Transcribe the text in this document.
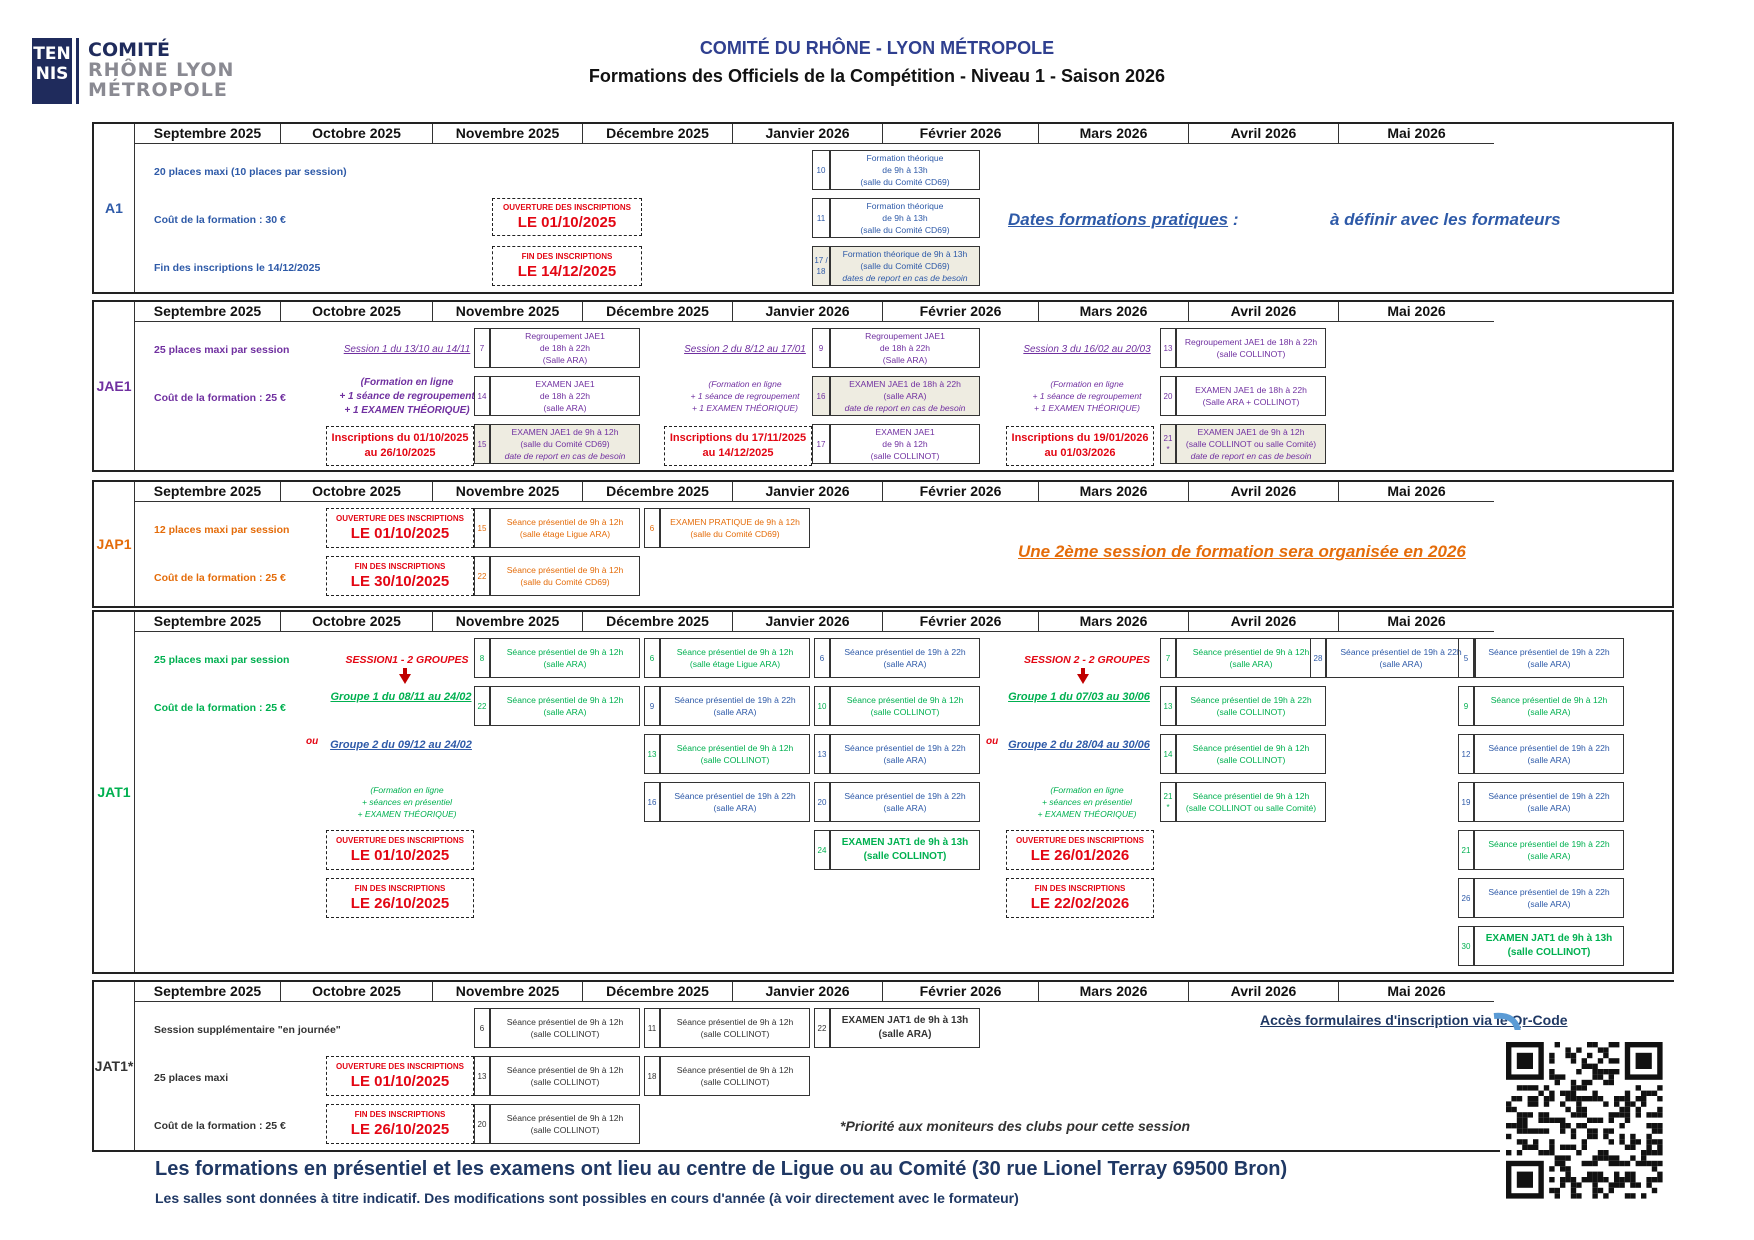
TEN
NIS
COMITÉ
RHÔNE LYON
MÉTROPOLE
COMITÉ DU RHÔNE - LYON MÉTROPOLE
Formations des Officiels de la Compétition - Niveau 1 - Saison 2026
A1
20 places maxi (10 places par session)
Coût de la formation : 30 €
Fin des inscriptions le 14/12/2025
OUVERTURE DES INSCRIPTIONS
LE 01/10/2025
FIN DES INSCRIPTIONS
LE 14/12/2025
10
Formation théorique
de 9h à 13h
(salle du Comité CD69)
11
Formation théorique
de 9h à 13h
(salle du Comité CD69)
17 / 18
Formation théorique de 9h à 13h
(salle du Comité CD69)
dates de report en cas de besoin
Dates formations pratiques :	à définir avec les formateurs
Septembre 2025	Octobre 2025	Novembre 2025	Décembre 2025	Janvier 2026	Février 2026	Mars 2026	Avril 2026	Mai 2026
JAE1
25 places maxi par session
Coût de la formation : 25 €
Session 1 du 13/10 au 14/11	Session 2 du 8/12 au 17/01	Session 3 du 16/02 au 20/03
(Formation en ligne
+ 1 séance de regroupement
+ 1 EXAMEN THÉORIQUE)
(Formation en ligne
+ 1 séance de regroupement
+ 1 EXAMEN THÉORIQUE)
(Formation en ligne
+ 1 séance de regroupement
+ 1 EXAMEN THÉORIQUE)
Inscriptions du 01/10/2025
au 26/10/2025
Inscriptions du 17/11/2025
au 14/12/2025
Inscriptions du 19/01/2026
au 01/03/2026
7
Regroupement JAE1
de 18h à 22h
(Salle ARA)
14
EXAMEN JAE1
de 18h à 22h
(salle ARA)
15
EXAMEN JAE1 de 9h à 12h
(salle du Comité CD69)
date de report en cas de besoin
9
Regroupement JAE1
de 18h à 22h
(Salle ARA)
16
EXAMEN JAE1 de 18h à 22h
(salle ARA)
date de report en cas de besoin
17
EXAMEN JAE1
de 9h à 12h
(salle COLLINOT)
13
Regroupement JAE1 de 18h à 22h
(salle COLLINOT)
20
EXAMEN JAE1 de 18h à 22h
(Salle ARA + COLLINOT)
21 *
EXAMEN JAE1 de 9h à 12h
(salle COLLINOT ou salle Comité)
date de report en cas de besoin
Septembre 2025	Octobre 2025	Novembre 2025	Décembre 2025	Janvier 2026	Février 2026	Mars 2026	Avril 2026	Mai 2026
JAP1
12 places maxi par session
Coût de la formation : 25 €
OUVERTURE DES INSCRIPTIONS
LE 01/10/2025
FIN DES INSCRIPTIONS
LE 30/10/2025
15
Séance présentiel de 9h à 12h
(salle étage Ligue ARA)
22
Séance présentiel de 9h à 12h
(salle du Comité CD69)
6
EXAMEN PRATIQUE de 9h à 12h
(salle du Comité CD69)
Une 2ème session de formation sera organisée en 2026
Septembre 2025	Octobre 2025	Novembre 2025	Décembre 2025	Janvier 2026	Février 2026	Mars 2026	Avril 2026	Mai 2026
JAT1
25 places maxi par session
Coût de la formation : 25 €
SESSION1 - 2 GROUPES
Groupe 1 du 08/11 au 24/02
ou	Groupe 2 du 09/12 au 24/02
(Formation en ligne
+ séances en présentiel
+ EXAMEN THÉORIQUE)
OUVERTURE DES INSCRIPTIONS
LE 01/10/2025
FIN DES INSCRIPTIONS
LE 26/10/2025
SESSION 2 - 2 GROUPES
Groupe 1 du 07/03 au 30/06
ou Groupe 2 du 28/04 au 30/06
(Formation en ligne
+ séances en présentiel
+ EXAMEN THÉORIQUE)
OUVERTURE DES INSCRIPTIONS
LE 26/01/2026
FIN DES INSCRIPTIONS
LE 22/02/2026
Septembre 2025	Octobre 2025	Novembre 2025	Décembre 2025	Janvier 2026	Février 2026	Mars 2026	Avril 2026	Mai 2026
8
Séance présentiel de 9h à 12h
(salle ARA)
22
Séance présentiel de 9h à 12h
(salle ARA)
6
Séance présentiel de 9h à 12h
(salle étage Ligue ARA)
9
Séance présentiel de 19h à 22h
(salle ARA)
13
Séance présentiel de 9h à 12h
(salle COLLINOT)
16
Séance présentiel de 19h à 22h
(salle ARA)
6
Séance présentiel de 19h à 22h
(salle ARA)
10
Séance présentiel de 9h à 12h
(salle COLLINOT)
13
Séance présentiel de 19h à 22h
(salle ARA)
20
Séance présentiel de 19h à 22h
(salle ARA)
24
EXAMEN JAT1 de 9h à 13h
(salle COLLINOT)
7
Séance présentiel de 9h à 12h
(salle ARA)
13
Séance présentiel de 19h à 22h
(salle COLLINOT)
14
Séance présentiel de 9h à 12h
(salle COLLINOT)
21 *
Séance présentiel de 9h à 12h
(salle COLLINOT ou salle Comité)
28
Séance présentiel de 19h à 22h
(salle ARA)
5
Séance présentiel de 19h à 22h
(salle ARA)
9
Séance présentiel de 9h à 12h
(salle ARA)
12
Séance présentiel de 19h à 22h
(salle ARA)
19
Séance présentiel de 19h à 22h
(salle ARA)
21
Séance présentiel de 19h à 22h
(salle ARA)
26
Séance présentiel de 19h à 22h
(salle ARA)
30
EXAMEN JAT1 de 9h à 13h
(salle COLLINOT)
JAT1*
Session supplémentaire "en journée"
25 places maxi
Coût de la formation : 25 €
OUVERTURE DES INSCRIPTIONS
LE 01/10/2025
FIN DES INSCRIPTIONS
LE 26/10/2025	*Priorité aux moniteurs des clubs pour cette session
Accès formulaires d'inscription via le Qr-Code
Septembre 2025	Octobre 2025	Novembre 2025	Décembre 2025	Janvier 2026	Février 2026	Mars 2026	Avril 2026	Mai 2026
6
Séance présentiel de 9h à 12h
(salle COLLINOT)
13
Séance présentiel de 9h à 12h
(salle COLLINOT)
20
Séance présentiel de 9h à 12h
(salle COLLINOT)
11
Séance présentiel de 9h à 12h
(salle COLLINOT)
18
Séance présentiel de 9h à 12h
(salle COLLINOT)
22
EXAMEN JAT1 de 9h à 13h
(salle ARA)
Les formations en présentiel et les examens ont lieu au centre de Ligue ou au Comité (30 rue Lionel Terray 69500 Bron)
Les salles sont données à titre indicatif. Des modifications sont possibles en cours d'année (à voir directement avec le formateur)
